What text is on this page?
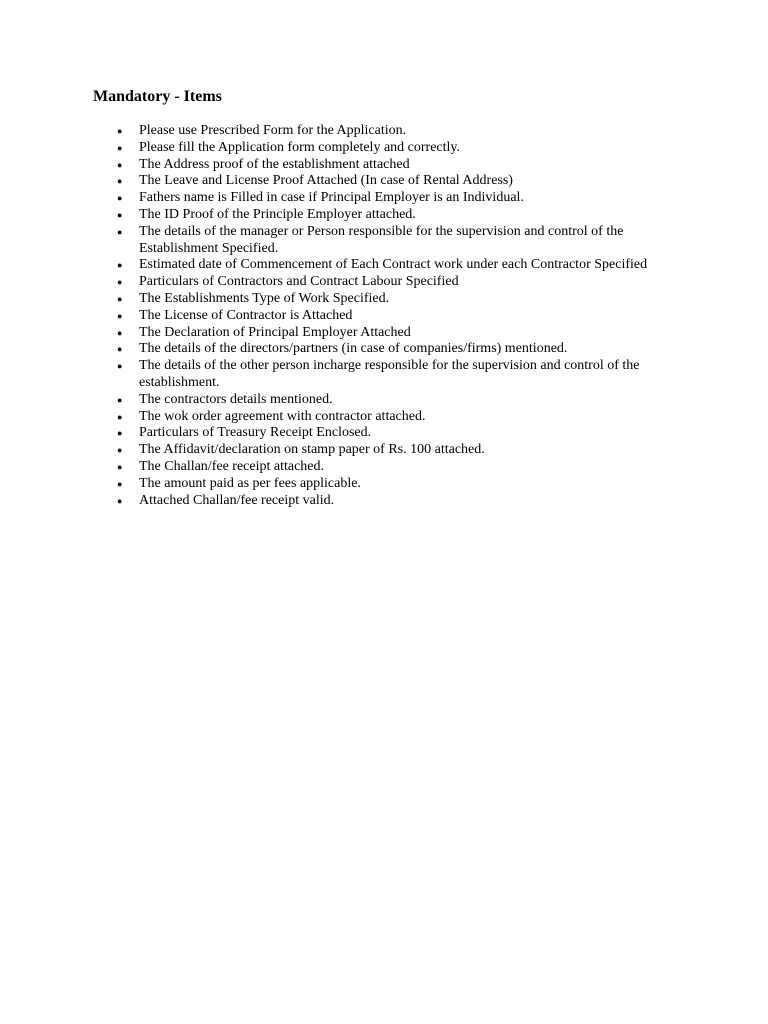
Mandatory - Items
● Please use Prescribed Form for the Application.
● Please fill the Application form completely and correctly.
● The Address proof of the establishment attached
● The Leave and License Proof Attached (In case of Rental Address)
● Fathers name is Filled in case if Principal Employer is an Individual.
● The ID Proof of the Principle Employer attached.
● The details of the manager or Person responsible for the supervision and control of the Establishment Specified.
● Estimated date of Commencement of Each Contract work under each Contractor Specified
● Particulars of Contractors and Contract Labour Specified
● The Establishments Type of Work Specified.
● The License of Contractor is Attached
● The Declaration of Principal Employer Attached
● The details of the directors/partners (in case of companies/firms) mentioned.
● The details of the other person incharge responsible for the supervision and control of the establishment.
● The contractors details mentioned.
● The wok order agreement with contractor attached.
● Particulars of Treasury Receipt Enclosed.
● The Affidavit/declaration on stamp paper of Rs. 100 attached.
● The Challan/fee receipt attached.
● The amount paid as per fees applicable.
● Attached Challan/fee receipt valid.
